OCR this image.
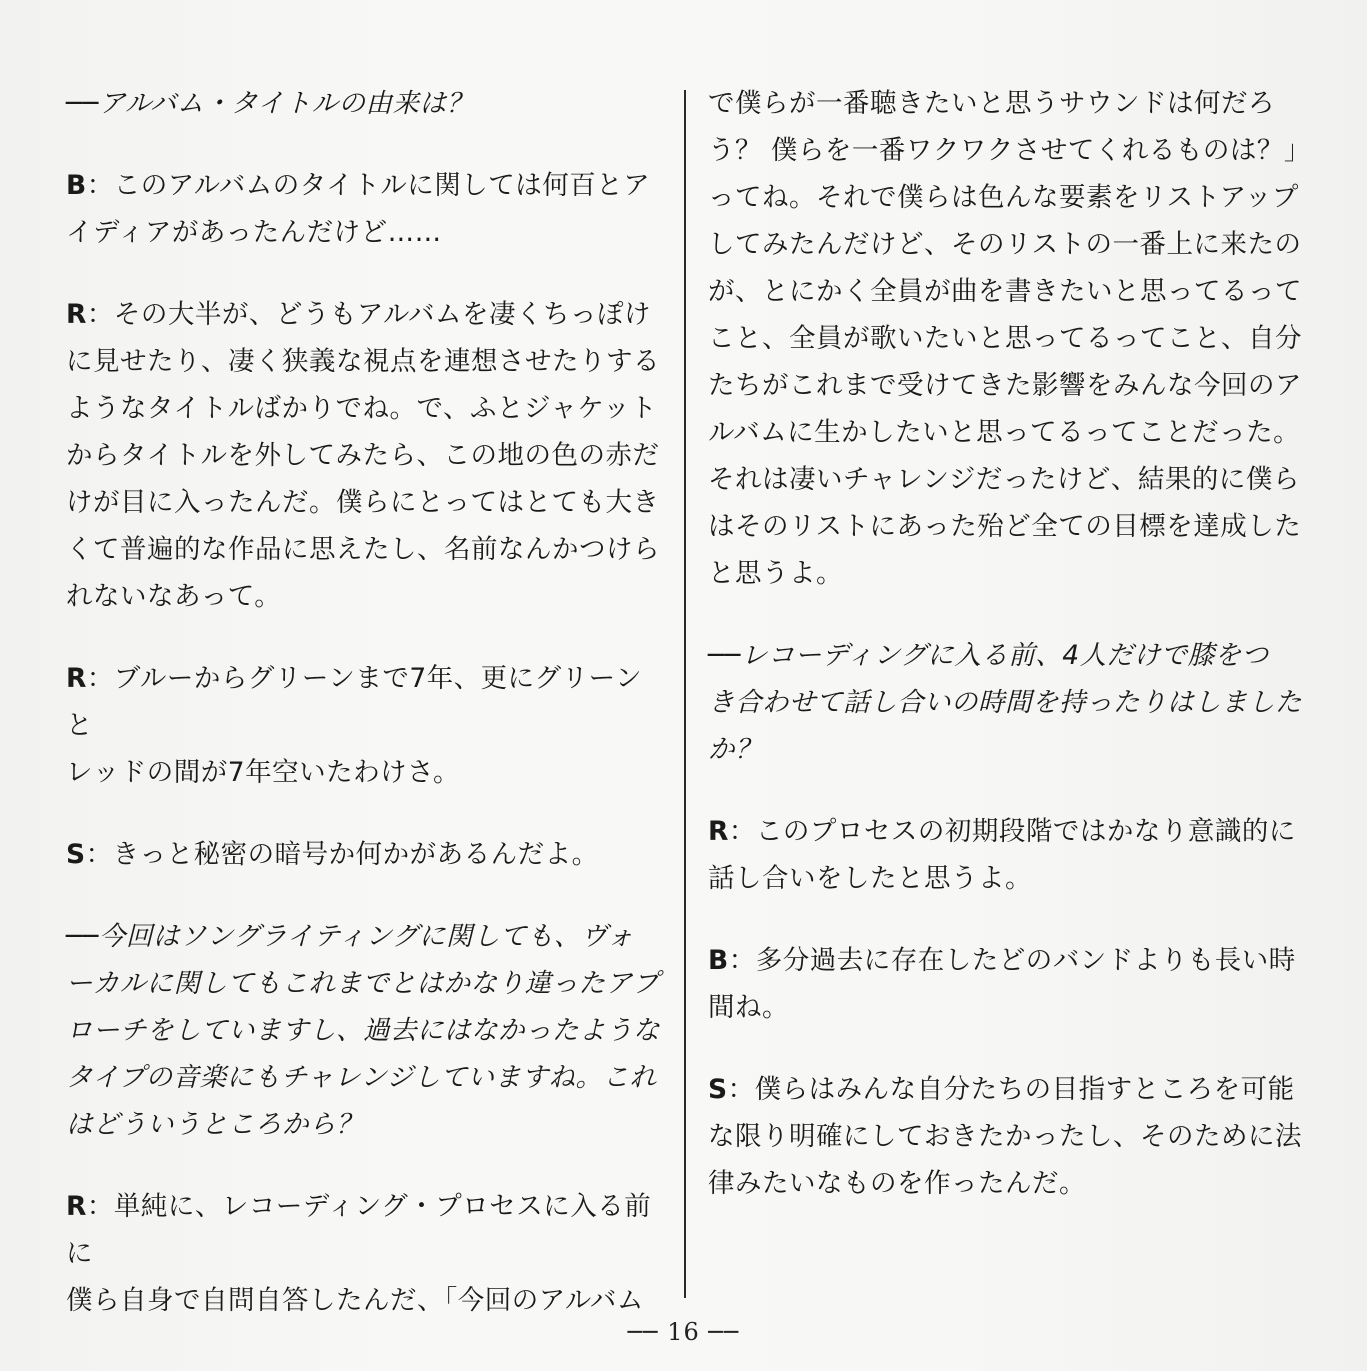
──アルバム・タイトルの由来は？

B：このアルバムのタイトルに関しては何百とア
イディアがあったんだけど……

R：その大半が、どうもアルバムを凄くちっぽけ
に見せたり、凄く狭義な視点を連想させたりする
ようなタイトルばかりでね。で、ふとジャケット
からタイトルを外してみたら、この地の色の赤だ
けが目に入ったんだ。僕らにとってはとても大き
くて普遍的な作品に思えたし、名前なんかつけら
れないなあって。

R：ブルーからグリーンまで7年、更にグリーンと
レッドの間が7年空いたわけさ。

S：きっと秘密の暗号か何かがあるんだよ。

──今回はソングライティングに関しても、ヴォ
ーカルに関してもこれまでとはかなり違ったアプ
ローチをしていますし、過去にはなかったような
タイプの音楽にもチャレンジしていますね。これ
はどういうところから？

R：単純に、レコーディング・プロセスに入る前に
僕ら自身で自問自答したんだ、「今回のアルバム

で僕らが一番聴きたいと思うサウンドは何だろ
う？ 僕らを一番ワクワクさせてくれるものは？」
ってね。それで僕らは色んな要素をリストアップ
してみたんだけど、そのリストの一番上に来たの
が、とにかく全員が曲を書きたいと思ってるって
こと、全員が歌いたいと思ってるってこと、自分
たちがこれまで受けてきた影響をみんな今回のア
ルバムに生かしたいと思ってるってことだった。
それは凄いチャレンジだったけど、結果的に僕ら
はそのリストにあった殆ど全ての目標を達成した
と思うよ。

──レコーディングに入る前、4人だけで膝をつ
き合わせて話し合いの時間を持ったりはしました
か？

R：このプロセスの初期段階ではかなり意識的に
話し合いをしたと思うよ。

B：多分過去に存在したどのバンドよりも長い時
間ね。

S：僕らはみんな自分たちの目指すところを可能
な限り明確にしておきたかったし、そのために法
律みたいなものを作ったんだ。

── 16 ──
